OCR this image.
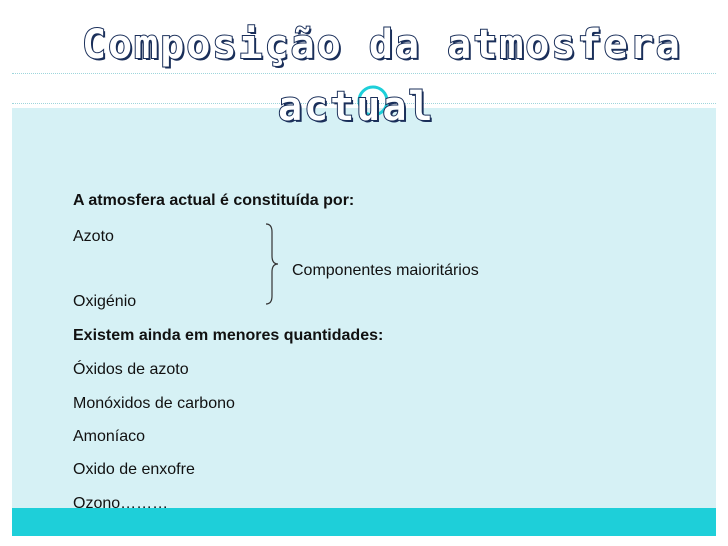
Composição da atmosfera
actual
A atmosfera actual é constituída por:
Azoto
Componentes maioritários
Oxigénio
Existem ainda em menores quantidades:
Óxidos de azoto
Monóxidos de carbono
Amoníaco
Oxido de enxofre
Ozono………
